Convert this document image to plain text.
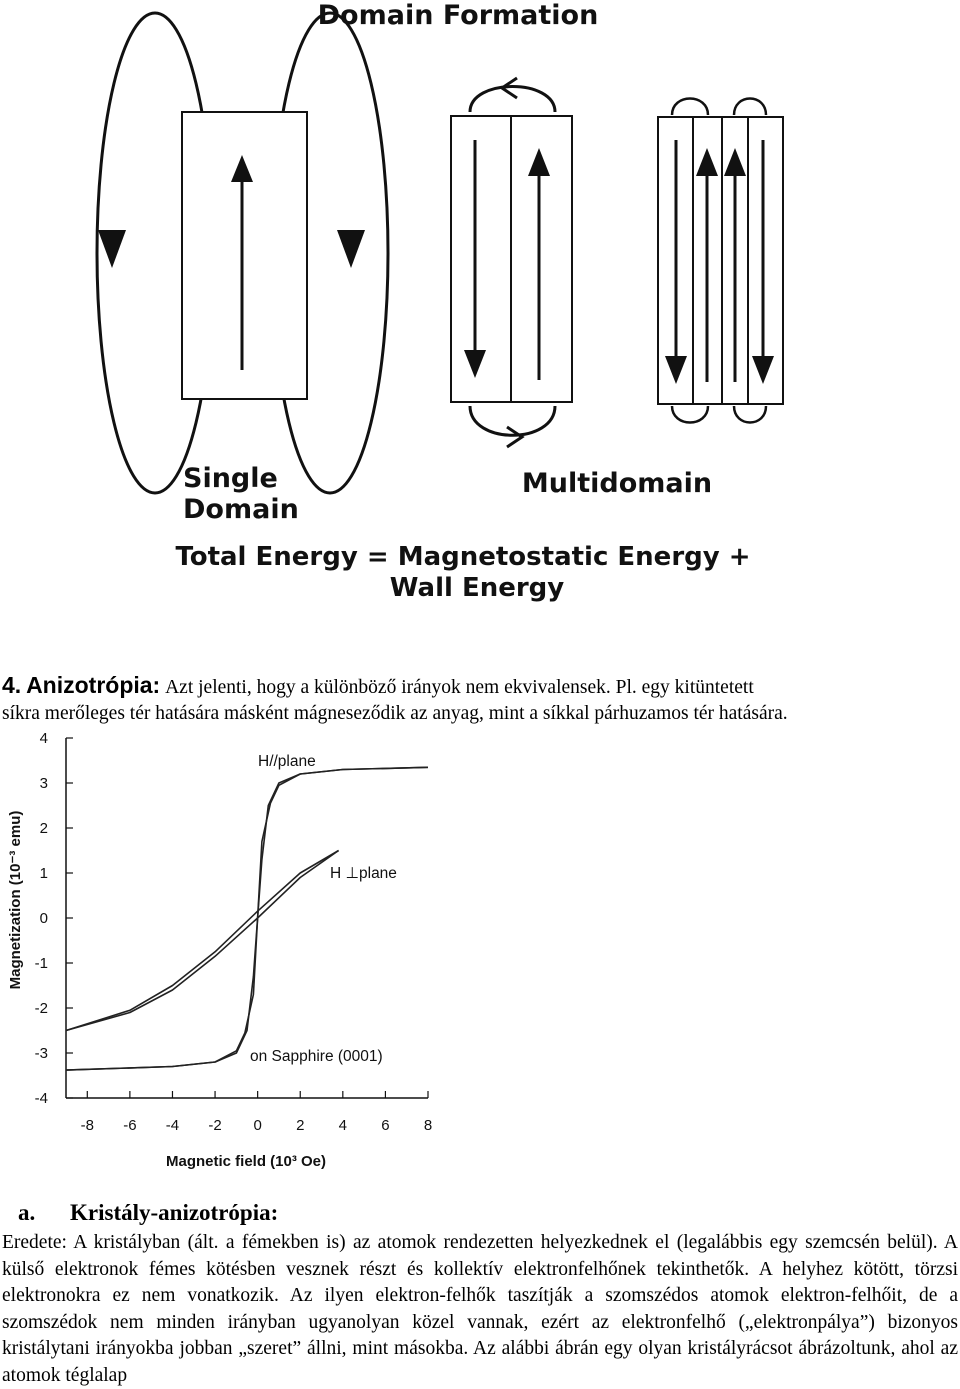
Domain Formation
Single
Domain
Multidomain
Total Energy = Magnetostatic Energy +
Wall Energy
4. Anizotrópia: Azt jelenti, hogy a különböző irányok nem ekvivalensek. Pl. egy kitüntetett
síkra merőleges tér hatására másként mágneseződik az anyag, mint a síkkal párhuzamos tér hatására.
4
3
2
1
0
-1
-2
-3
-4
-8 -6 -4 -2 0 2 4 6 8
Magnetization (10⁻³ emu)
Magnetic field (10³ Oe)
H//plane
H ⊥plane
on Sapphire (0001)
a. Kristály-anizotrópia:
Eredete: A kristályban (ált. a fémekben is) az atomok rendezetten helyezkednek el (legalábbis egy szemcsén belül). A külső elektronok fémes kötésben vesznek részt és kollektív elektronfelhőnek tekinthetők. A helyhez kötött, törzsi elektronokra ez nem vonatkozik. Az ilyen elektron-felhők taszítják a szomszédos atomok elektron-felhőit, de a szomszédok nem minden irányban ugyanolyan közel vannak, ezért az elektronfelhő („elektronpálya”) bizonyos kristálytani irányokba jobban „szeret” állni, mint másokba. Az alábbi ábrán egy olyan kristályrácsot ábrázoltunk, ahol az atomok téglalap
